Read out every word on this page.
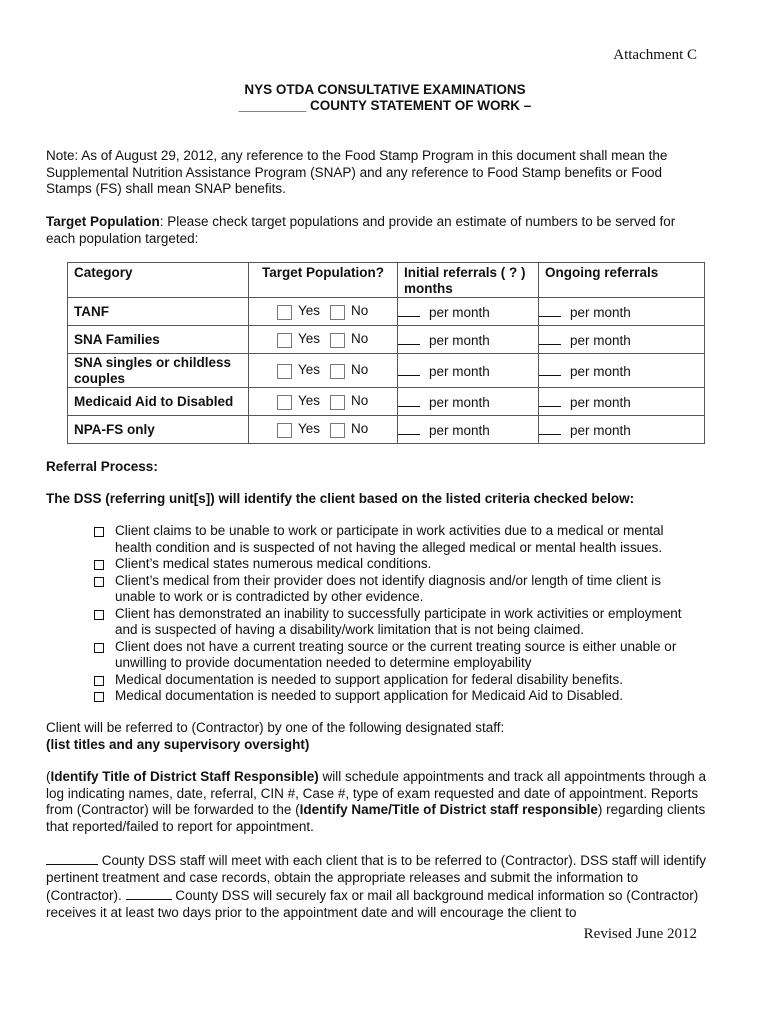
Attachment C
NYS OTDA CONSULTATIVE EXAMINATIONS
_________ COUNTY STATEMENT OF WORK –
Note: As of August 29, 2012, any reference to the Food Stamp Program in this document shall mean the Supplemental Nutrition Assistance Program (SNAP) and any reference to Food Stamp benefits or Food Stamps (FS) shall mean SNAP benefits.
Target Population: Please check target populations and provide an estimate of numbers to be served for each population targeted:
Category	Target Population?	Initial referrals ( ? ) months	Ongoing referrals
TANF	Yes No	per month	per month
SNA Families	Yes No	per month	per month
SNA singles or childless couples	Yes No	per month	per month
Medicaid Aid to Disabled	Yes No	per month	per month
NPA-FS only	Yes No	per month	per month
Referral Process:
The DSS (referring unit[s]) will identify the client based on the listed criteria checked below:
Client claims to be unable to work or participate in work activities due to a medical or mental health condition and is suspected of not having the alleged medical or mental health issues.
Client’s medical states numerous medical conditions.
Client’s medical from their provider does not identify diagnosis and/or length of time client is unable to work or is contradicted by other evidence.
Client has demonstrated an inability to successfully participate in work activities or employment and is suspected of having a disability/work limitation that is not being claimed.
Client does not have a current treating source or the current treating source is either unable or unwilling to provide documentation needed to determine employability
Medical documentation is needed to support application for federal disability benefits.
Medical documentation is needed to support application for Medicaid Aid to Disabled.
Client will be referred to (Contractor) by one of the following designated staff:
(list titles and any supervisory oversight)
(Identify Title of District Staff Responsible) will schedule appointments and track all appointments through a log indicating names, date, referral, CIN #, Case #, type of exam requested and date of appointment. Reports from (Contractor) will be forwarded to the (Identify Name/Title of District staff responsible) regarding clients that reported/failed to report for appointment.
County DSS staff will meet with each client that is to be referred to (Contractor). DSS staff will identify pertinent treatment and case records, obtain the appropriate releases and submit the information to (Contractor).	County DSS will securely fax or mail all background medical information so (Contractor) receives it at least two days prior to the appointment date and will encourage the client to
Revised June 2012
